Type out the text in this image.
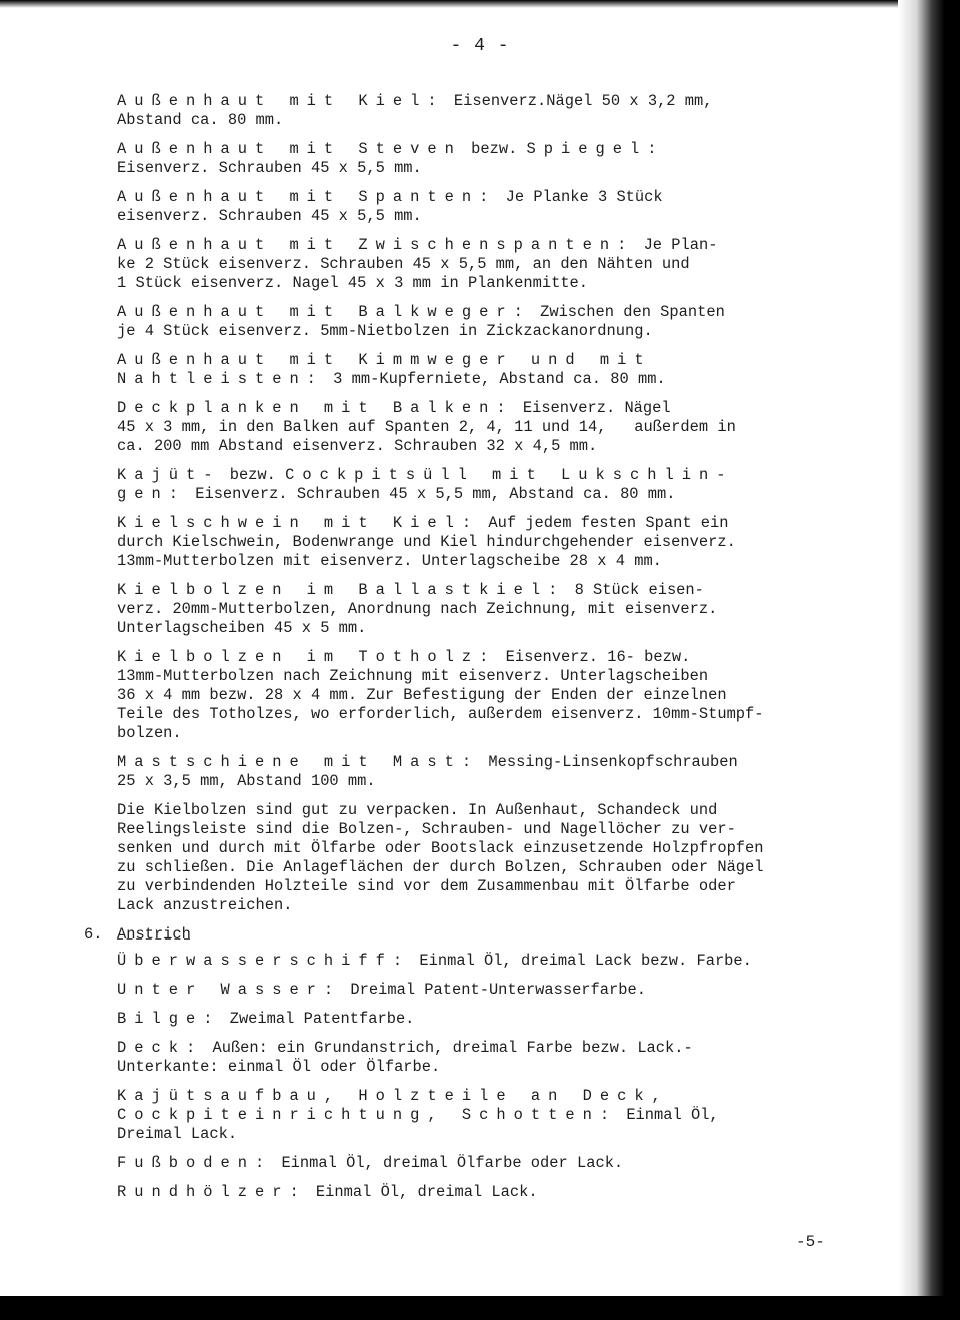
- 4 -

Außenhaut mit Kiel: Eisenverz.Nägel 50 x 3,2 mm,
Abstand ca. 80 mm.

Außenhaut mit Steven bezw. Spiegel:
Eisenverz. Schrauben 45 x 5,5 mm.

Außenhaut mit Spanten: Je Planke 3 Stück
eisenverz. Schrauben 45 x 5,5 mm.

Außenhaut mit Zwischenspanten: Je Plan-
ke 2 Stück eisenverz. Schrauben 45 x 5,5 mm, an den Nähten und
1 Stück eisenverz. Nagel 45 x 3 mm in Plankenmitte.

Außenhaut mit Balkweger: Zwischen den Spanten
je 4 Stück eisenverz. 5mm-Nietbolzen in Zickzackanordnung.

Außenhaut mit Kimmweger und mit
Nahtleisten: 3 mm-Kupferniete, Abstand ca. 80 mm.

Deckplanken mit Balken: Eisenverz. Nägel
45 x 3 mm, in den Balken auf Spanten 2, 4, 11 und 14,   außerdem in
ca. 200 mm Abstand eisenverz. Schrauben 32 x 4,5 mm.

Kajüt- bezw. Cockpitsüll mit Lukschlin-
gen: Eisenverz. Schrauben 45 x 5,5 mm, Abstand ca. 80 mm.

Kielschwein mit Kiel: Auf jedem festen Spant ein
durch Kielschwein, Bodenwrange und Kiel hindurchgehender eisenverz.
13mm-Mutterbolzen mit eisenverz. Unterlagscheibe 28 x 4 mm.

Kielbolzen im Ballastkiel: 8 Stück eisen-
verz. 20mm-Mutterbolzen, Anordnung nach Zeichnung, mit eisenverz.
Unterlagscheiben 45 x 5 mm.

Kielbolzen im Totholz: Eisenverz. 16- bezw.
13mm-Mutterbolzen nach Zeichnung mit eisenverz. Unterlagscheiben
36 x 4 mm bezw. 28 x 4 mm. Zur Befestigung der Enden der einzelnen
Teile des Totholzes, wo erforderlich, außerdem eisenverz. 10mm-Stumpf-
bolzen.

Mastschiene mit Mast: Messing-Linsenkopfschrauben
25 x 3,5 mm, Abstand 100 mm.

Die Kielbolzen sind gut zu verpacken. In Außenhaut, Schandeck und
Reelingsleiste sind die Bolzen-, Schrauben- und Nagellöcher zu ver-
senken und durch mit Ölfarbe oder Bootslack einzusetzende Holzpfropfen
zu schließen. Die Anlageflächen der durch Bolzen, Schrauben oder Nägel
zu verbindenden Holzteile sind vor dem Zusammenbau mit Ölfarbe oder
Lack anzustreichen.

6. Anstrich

Überwasserschiff: Einmal Öl, dreimal Lack bezw. Farbe.

Unter Wasser: Dreimal Patent-Unterwasserfarbe.

Bilge: Zweimal Patentfarbe.

Deck: Außen: ein Grundanstrich, dreimal Farbe bezw. Lack.-
Unterkante: einmal Öl oder Ölfarbe.

Kajütsaufbau, Holzteile an Deck,
Cockpiteinrichtung, Schotten: Einmal Öl,
Dreimal Lack.

Fußboden: Einmal Öl, dreimal Ölfarbe oder Lack.

Rundhölzer: Einmal Öl, dreimal Lack.

-5-
